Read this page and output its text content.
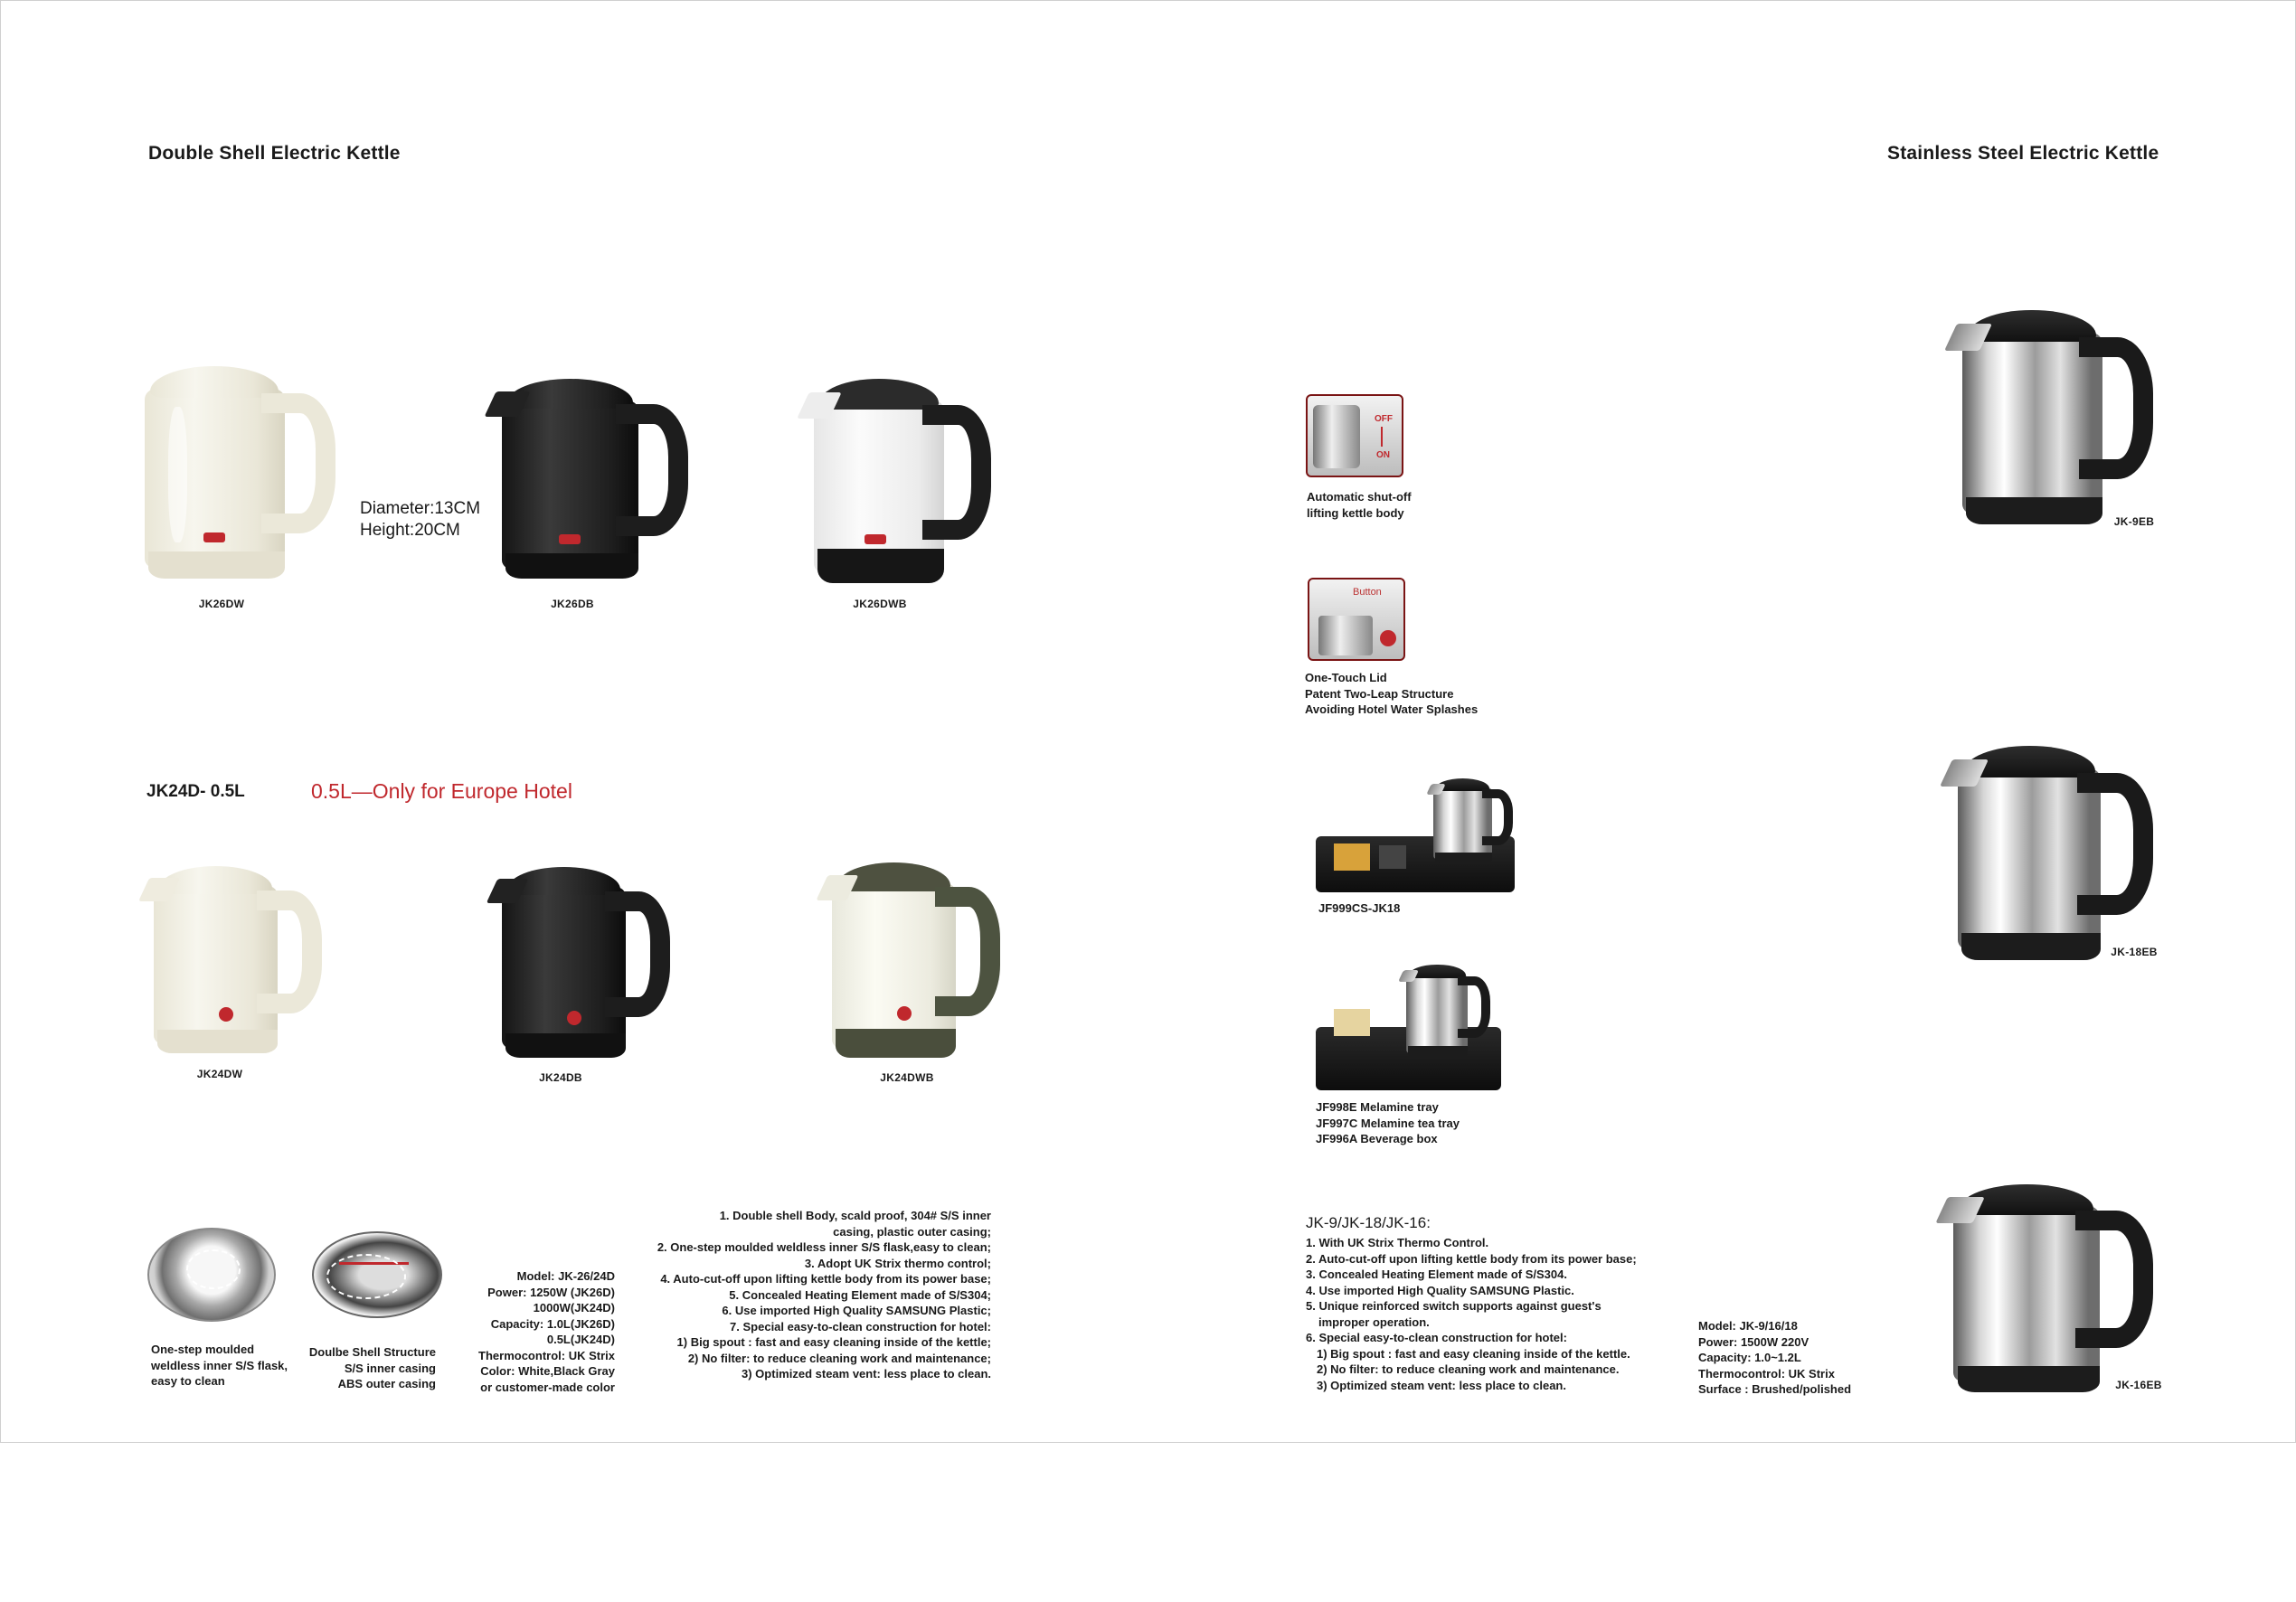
Double Shell Electric Kettle
JK26DW
Diameter:13CM
Height:20CM
JK26DB	JK26DWB
JK24D- 0.5L	0.5L—Only for Europe Hotel
JK24DW	JK24DB	JK24DWB
One-step moulded
weldless inner S/S flask,
easy to clean
Doulbe Shell Structure
S/S inner casing
ABS outer casing
Model: JK-26/24D
Power: 1250W (JK26D)
1000W(JK24D)
Capacity: 1.0L(JK26D)
0.5L(JK24D)
Thermocontrol: UK Strix
Color: White,Black Gray
or customer-made color
1. Double shell Body, scald proof, 304# S/S inner
casing, plastic outer casing;
2. One-step moulded weldless inner S/S flask,easy to clean;
3. Adopt UK Strix thermo control;
4. Auto-cut-off upon lifting kettle body from its power base;
5. Concealed Heating Element made of S/S304;
6. Use imported High Quality SAMSUNG Plastic;
7. Special easy-to-clean construction for hotel:
1) Big spout : fast and easy cleaning inside of the kettle;
2) No filter: to reduce cleaning work and maintenance;
3) Optimized steam vent: less place to clean.
Stainless Steel Electric Kettle
OFF
ON
Automatic shut-off
lifting kettle body
Button
One-Touch Lid
Patent Two-Leap Structure
Avoiding Hotel Water Splashes
JF999CS-JK18
JF998E Melamine tray
JF997C Melamine tea tray
JF996A Beverage box
JK-9EB
JK-18EB
JK-16EB
JK-9/JK-18/JK-16:
1. With UK Strix Thermo Control.
2. Auto-cut-off upon lifting kettle body from its power base;
3. Concealed Heating Element made of S/S304.
4. Use imported High Quality SAMSUNG Plastic.
5. Unique reinforced switch supports against guest's
improper operation.
6. Special easy-to-clean construction for hotel:
1) Big spout : fast and easy cleaning inside of the kettle.
2) No filter: to reduce cleaning work and maintenance.
3) Optimized steam vent: less place to clean.
Model: JK-9/16/18
Power: 1500W 220V
Capacity: 1.0~1.2L
Thermocontrol: UK Strix
Surface : Brushed/polished
